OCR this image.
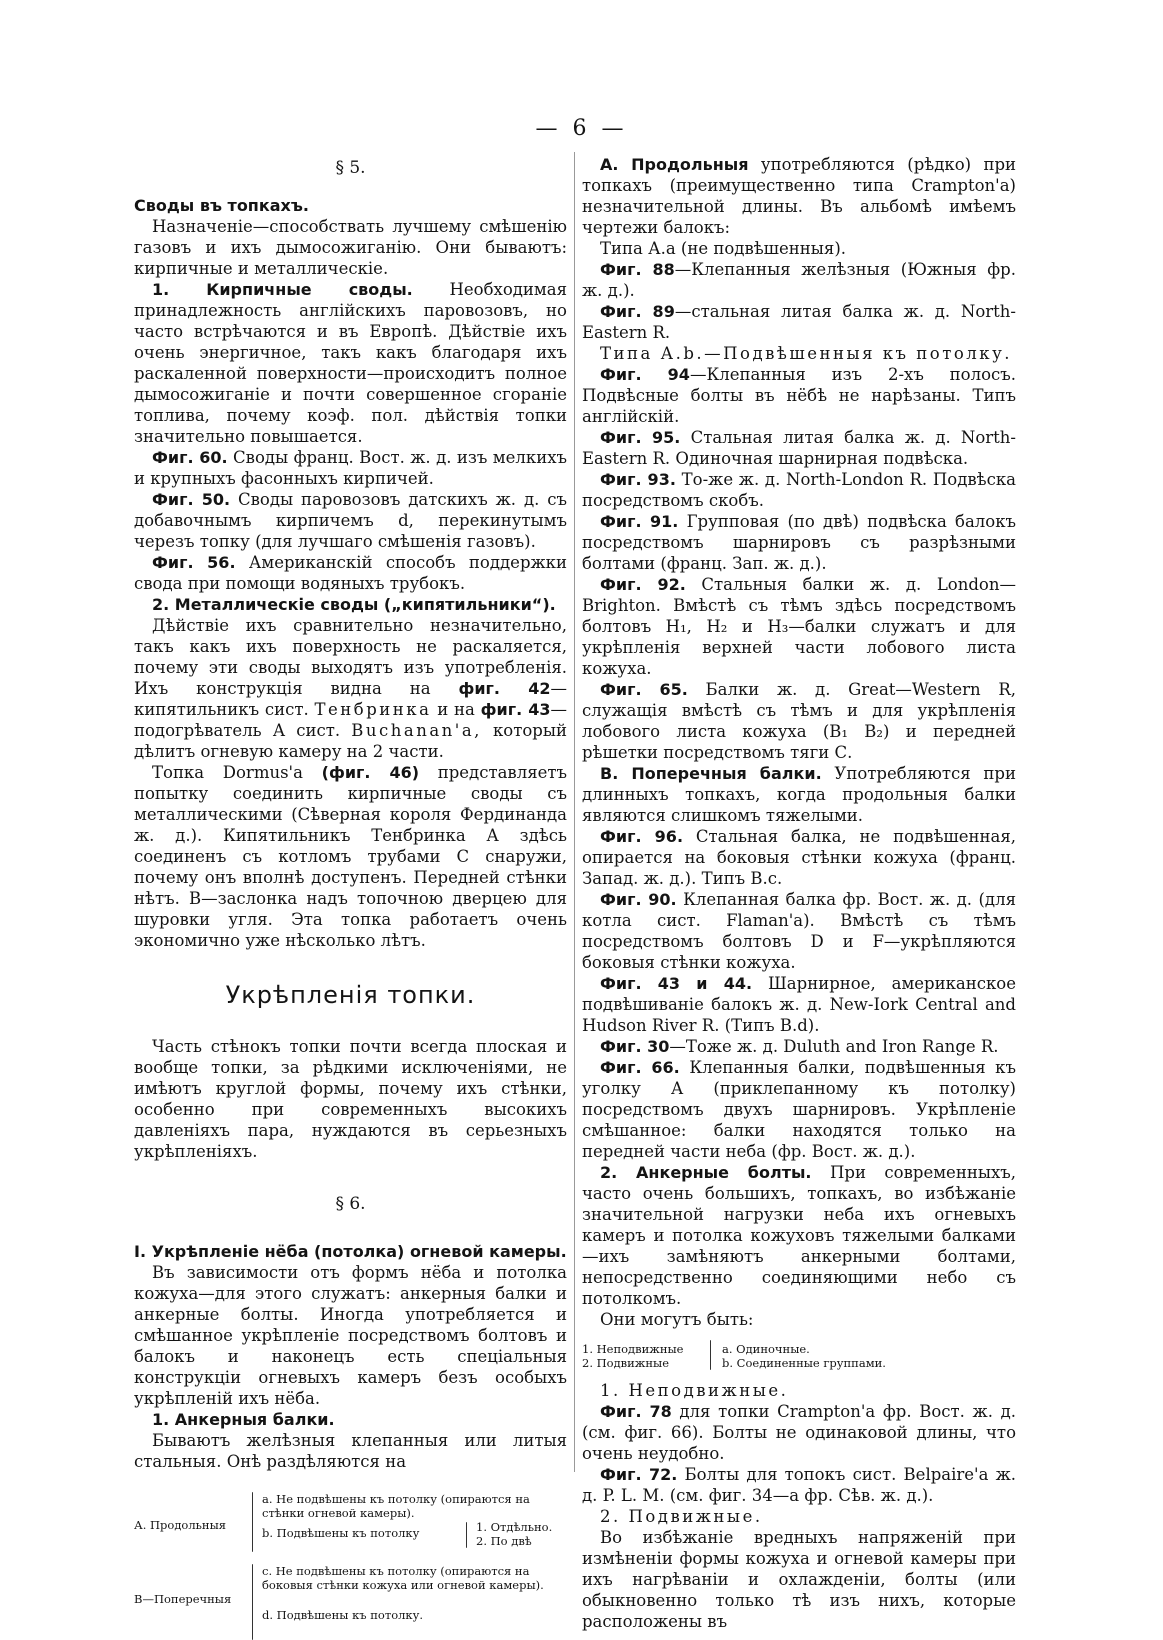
— 6 —
§ 5.

Своды въ топкахъ.

Назначеніе—способствать лучшему смѣшенію газовъ и ихъ дымосожиганію. Они бываютъ: кирпичные и металлическіе.

1. Кирпичные своды. Необходимая принадлежность англійскихъ паровозовъ, но часто встрѣчаются и въ Европѣ. Дѣйствіе ихъ очень энергичное, такъ какъ благодаря ихъ раскаленной поверхности—происходитъ полное дымосожиганіе и почти совершенное сгораніе топлива, почему коэф. пол. дѣйствія топки значительно повышается.

Фиг. 60. Своды франц. Вост. ж. д. изъ мелкихъ и крупныхъ фасонныхъ кирпичей.

Фиг. 50. Своды паровозовъ датскихъ ж. д. съ добавочнымъ кирпичемъ d, перекинутымъ черезъ топку (для лучшаго смѣшенія газовъ).

Фиг. 56. Американскій способъ поддержки свода при помощи водяныхъ трубокъ.

2. Металлическіе своды („кипятильники“).

Дѣйствіе ихъ сравнительно незначительно, такъ какъ ихъ поверхность не раскаляется, почему эти своды выходятъ изъ употребленія. Ихъ конструкція видна на фиг. 42—кипятильникъ сист. Тенбринка и на фиг. 43—подогрѣватель А сист. Buchanan'a, который дѣлитъ огневую камеру на 2 части.

Топка Dormus'a (фиг. 46) представляетъ попытку соединить кирпичные своды съ металлическими (Сѣверная короля Фердинанда ж. д.). Кипятильникъ Тенбринка А здѣсь соединенъ съ котломъ трубами С снаружи, почему онъ вполнѣ доступенъ. Передней стѣнки нѣтъ. В—заслонка надъ топочною дверцею для шуровки угля. Эта топка работаетъ очень экономично уже нѣсколько лѣтъ.

Укрѣпленія топки.

Часть стѣнокъ топки почти всегда плоская и вообще топки, за рѣдкими исключеніями, не имѣютъ круглой формы, почему ихъ стѣнки, особенно при современныхъ высокихъ давленіяхъ пара, нуждаются въ серьезныхъ укрѣпленіяхъ.

§ 6.

I. Укрѣпленіе нёба (потолка) огневой камеры.

Въ зависимости отъ формъ нёба и потолка кожуха—для этого служатъ: анкерныя балки и анкерные болты. Иногда употребляется и смѣшанное укрѣпленіе посредствомъ болтовъ и балокъ и наконецъ есть спеціальныя конструкціи огневыхъ камеръ безъ особыхъ укрѣпленій ихъ нёба.

1. Анкерныя балки.

Бываютъ желѣзныя клепанныя или литыя стальныя. Онѣ раздѣляются на

А. Продольныя
а. Не подвѣшены къ потолку (опираются на стѣнки огневой камеры).
b. Подвѣшены къ потолку	1. Отдѣльно.
2. По двѣ
В—Поперечныя
с. Не подвѣшены къ потолку (опираются на боковыя стѣнки кожуха или огневой камеры).
d. Подвѣшены къ потолку.

А. Продольныя употребляются (рѣдко) при топкахъ (преимущественно типа Crampton'a) незначительной длины. Въ альбомѣ имѣемъ чертежи балокъ:

Типа А.а (не подвѣшенныя).

Фиг. 88—Клепанныя желѣзныя (Южныя фр. ж. д.).

Фиг. 89—стальная литая балка ж. д. North-Eastern R.

Типа А.b.—Подвѣшенныя къ потолку.

Фиг. 94—Клепанныя изъ 2-хъ полосъ. Подвѣсные болты въ нёбѣ не нарѣзаны. Типъ англійскій.

Фиг. 95. Стальная литая балка ж. д. North-Eastern R. Одиночная шарнирная подвѣска.

Фиг. 93. То-же ж. д. North-London R. Подвѣска посредствомъ скобъ.

Фиг. 91. Групповая (по двѣ) подвѣска балокъ посредствомъ шарнировъ съ разрѣзными болтами (франц. Зап. ж. д.).

Фиг. 92. Стальныя балки ж. д. London—Brighton. Вмѣстѣ съ тѣмъ здѣсь посредствомъ болтовъ H₁, H₂ и H₃—балки служатъ и для укрѣпленія верхней части лобового листа кожуха.

Фиг. 65. Балки ж. д. Great—Western R, служащія вмѣстѣ съ тѣмъ и для укрѣпленія лобового листа кожуха (B₁ B₂) и передней рѣшетки посредствомъ тяги С.

В. Поперечныя балки. Употребляются при длинныхъ топкахъ, когда продольныя балки являются слишкомъ тяжелыми.

Фиг. 96. Стальная балка, не подвѣшенная, опирается на боковыя стѣнки кожуха (франц. Запад. ж. д.). Типъ В.с.

Фиг. 90. Клепанная балка фр. Вост. ж. д. (для котла сист. Flaman'a). Вмѣстѣ съ тѣмъ посредствомъ болтовъ D и F—укрѣпляются боковыя стѣнки кожуха.

Фиг. 43 и 44. Шарнирное, американское подвѣшиваніе балокъ ж. д. New-Iork Central and Hudson River R. (Типъ В.d).

Фиг. 30—Тоже ж. д. Duluth and Iron Range R.

Фиг. 66. Клепанныя балки, подвѣшенныя къ уголку А (приклепанному къ потолку) посредствомъ двухъ шарнировъ. Укрѣпленіе смѣшанное: балки находятся только на передней части неба (фр. Вост. ж. д.).

2. Анкерные болты. При современныхъ, часто очень большихъ, топкахъ, во избѣжаніе значительной нагрузки неба ихъ огневыхъ камеръ и потолка кожуховъ тяжелыми балками—ихъ замѣняютъ анкерными болтами, непосредственно соединяющими небо съ потолкомъ.

Они могутъ быть:

1. Неподвижные
2. Подвижные
а. Одиночные.
b. Соединенные группами.

1. Неподвижные.

Фиг. 78 для топки Crampton'a фр. Вост. ж. д. (см. фиг. 66). Болты не одинаковой длины, что очень неудобно.

Фиг. 72. Болты для топокъ сист. Belpaire'a ж. д. P. L. M. (см. фиг. 34—а фр. Сѣв. ж. д.).

2. Подвижные.

Во избѣжаніе вредныхъ напряженій при измѣненіи формы кожуха и огневой камеры при ихъ нагрѣваніи и охлажденіи, болты (или обыкновенно только тѣ изъ нихъ, которые расположены въ
